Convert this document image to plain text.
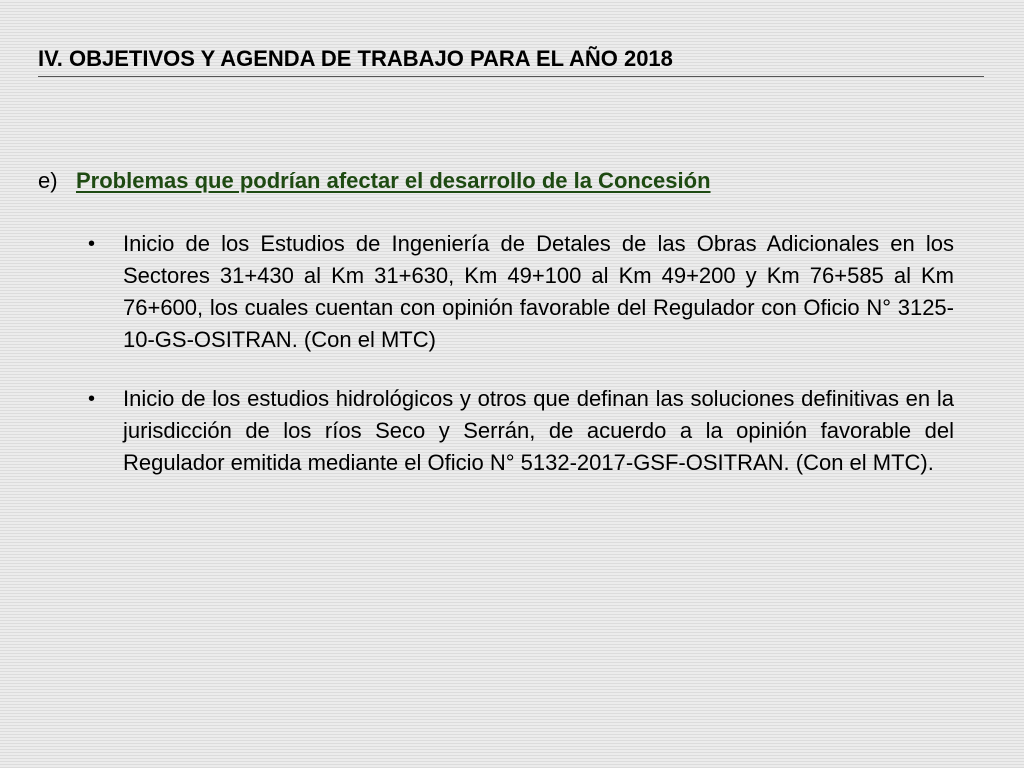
IV. OBJETIVOS Y AGENDA DE TRABAJO PARA EL AÑO 2018
e) Problemas que podrían afectar el desarrollo de la Concesión
• Inicio de los Estudios de Ingeniería de Detales de las Obras Adicionales en los Sectores 31+430 al Km 31+630, Km 49+100 al Km 49+200 y Km 76+585 al Km 76+600, los cuales cuentan con opinión favorable del Regulador con Oficio N° 3125-10-GS-OSITRAN. (Con el MTC)
• Inicio de los estudios hidrológicos y otros que definan las soluciones definitivas en la jurisdicción de los ríos Seco y Serrán, de acuerdo a la opinión favorable del Regulador emitida mediante el Oficio N° 5132-2017-GSF-OSITRAN. (Con el MTC).
